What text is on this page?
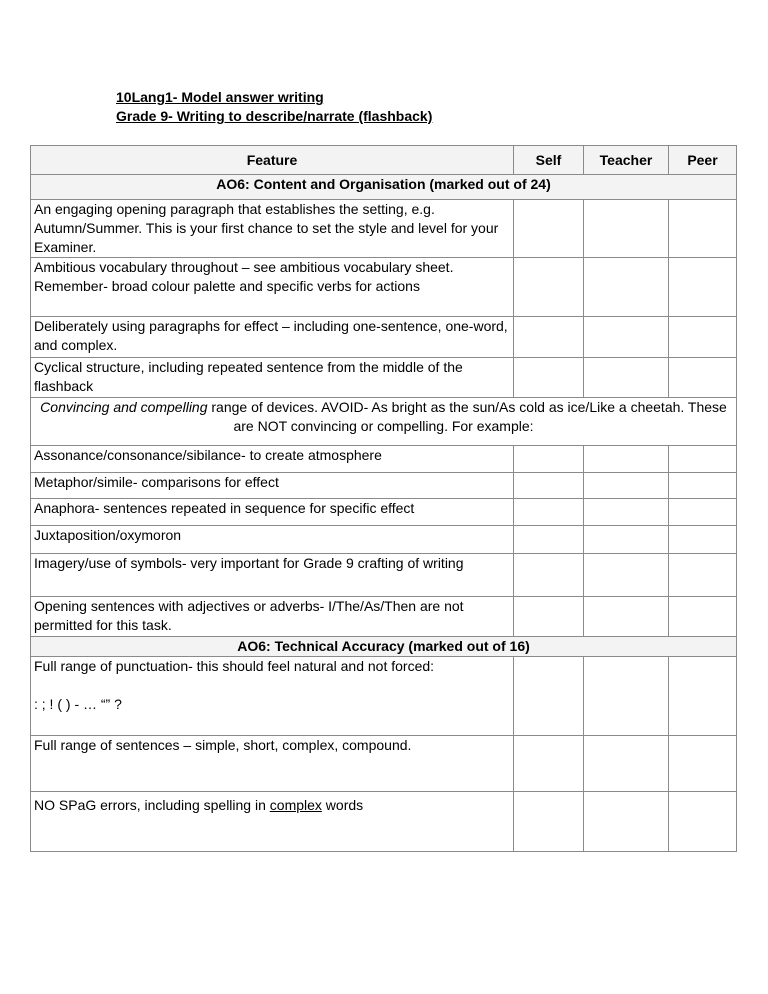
10Lang1- Model answer writing
Grade 9- Writing to describe/narrate (flashback)
Feature	Self	Teacher	Peer
AO6: Content and Organisation (marked out of 24)			
An engaging opening paragraph that establishes the setting, e.g. Autumn/Summer. This is your first chance to set the style and level for your Examiner.			
Ambitious vocabulary throughout – see ambitious vocabulary sheet. Remember- broad colour palette and specific verbs for actions			
Deliberately using paragraphs for effect – including one-sentence, one-word, and complex.			
Cyclical structure, including repeated sentence from the middle of the flashback			
Convincing and compelling range of devices. AVOID- As bright as the sun/As cold as ice/Like a cheetah. These are NOT convincing or compelling. For example:			
Assonance/consonance/sibilance- to create atmosphere			
Metaphor/simile- comparisons for effect			
Anaphora- sentences repeated in sequence for specific effect			
Juxtaposition/oxymoron			
Imagery/use of symbols- very important for Grade 9 crafting of writing			
Opening sentences with adjectives or adverbs- I/The/As/Then are not permitted for this task.			
AO6: Technical Accuracy (marked out of 16)			

Full range of punctuation- this should feel natural and not forced:
: ; ! ( ) - … “” ?			

Full range of sentences – simple, short, complex, compound.			
NO SPaG errors, including spelling in complex words			
